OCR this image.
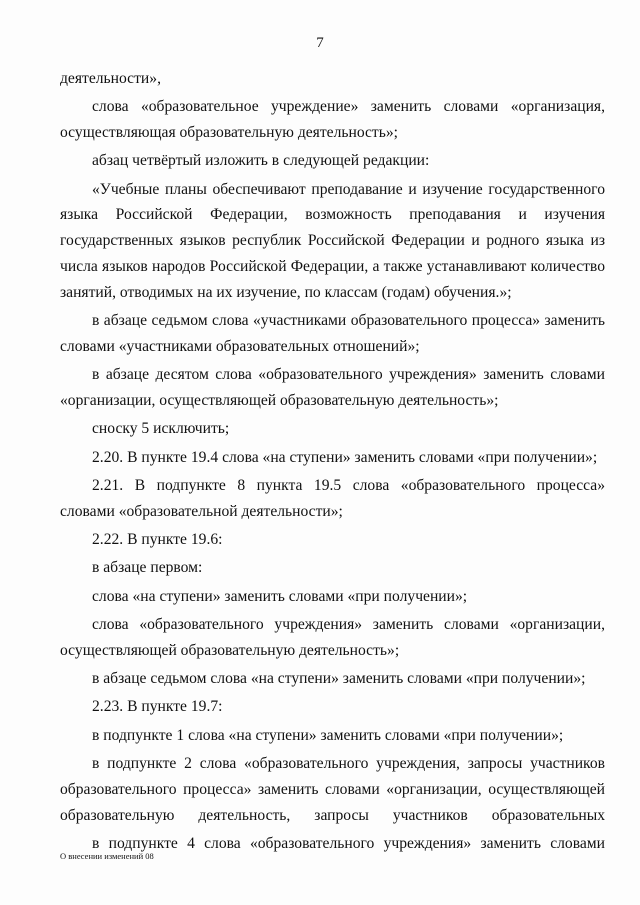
7
деятельности»,
слова «образовательное учреждение» заменить словами «организация,
осуществляющая образовательную деятельность»;
абзац четвёртый изложить в следующей редакции:
«Учебные планы обеспечивают преподавание и изучение государственного
языка Российской Федерации, возможность преподавания и изучения
государственных языков республик Российской Федерации и родного языка из
числа языков народов Российской Федерации, а также устанавливают количество
занятий, отводимых на их изучение, по классам (годам) обучения.»;
в абзаце седьмом слова «участниками образовательного процесса» заменить
словами «участниками образовательных отношений»;
в абзаце десятом слова «образовательного учреждения» заменить словами
«организации, осуществляющей образовательную деятельность»;
сноску 5 исключить;
2.20. В пункте 19.4 слова «на ступени» заменить словами «при получении»;
2.21. В подпункте 8 пункта 19.5 слова «образовательного процесса»
словами «образовательной деятельности»;
2.22. В пункте 19.6:
в абзаце первом:
слова «на ступени» заменить словами «при получении»;
слова «образовательного учреждения» заменить словами «организации,
осуществляющей образовательную деятельность»;
в абзаце седьмом слова «на ступени» заменить словами «при получении»;
2.23. В пункте 19.7:
в подпункте 1 слова «на ступени» заменить словами «при получении»;
в подпункте 2 слова «образовательного учреждения, запросы участников
образовательного процесса» заменить словами «организации, осуществляющей
образовательную деятельность, запросы участников образовательных
в подпункте 4 слова «образовательного учреждения» заменить словами
О внесении изменений 08
